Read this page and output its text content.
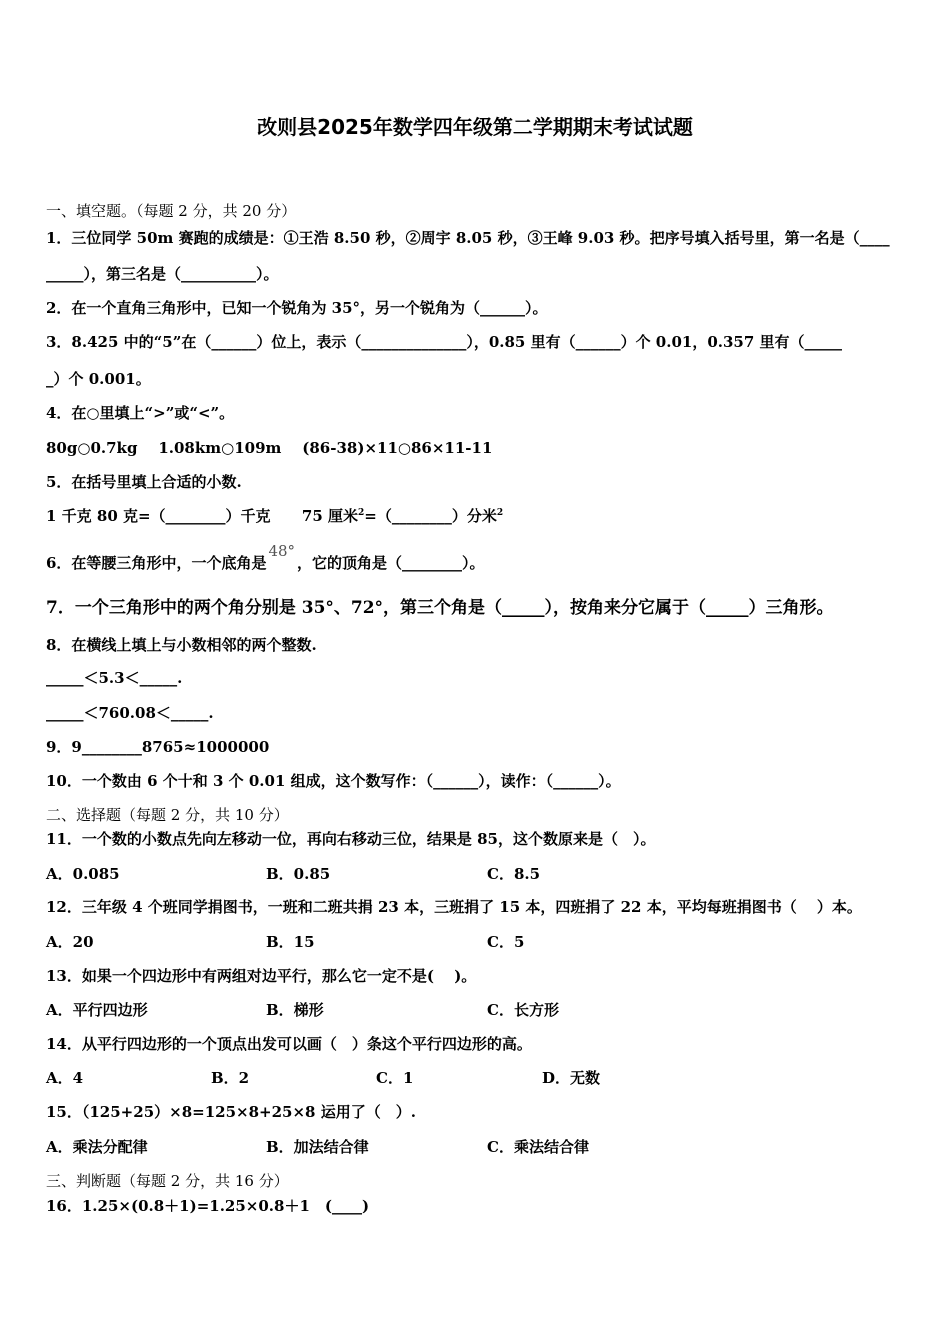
改则县2025年数学四年级第二学期期末考试试题
一、填空题。（每题 2 分，共 20 分）
1．三位同学 50m 赛跑的成绩是：①王浩 8.50 秒，②周宇 8.05 秒，③王峰 9.03 秒。把序号填入括号里，第一名是（____
_____），第三名是（__________）。
2．在一个直角三角形中，已知一个锐角为 35°，另一个锐角为（______）。
3．8.425 中的“5”在（______）位上，表示（______________），0.85 里有（______）个 0.01，0.357 里有（_____
_）个 0.001。
4．在○里填上“>”或“<”。
80g○0.7kg    1.08km○109m    (86-38)×11○86×11-11
5．在括号里填上合适的小数.
1 千克 80 克=（________）千克      75 厘米$^2$=（________）分米$^2$
6．在等腰三角形中，一个底角是48°，它的顶角是（________）。
7．一个三角形中的两个角分别是 35°、72°，第三个角是（_____），按角来分它属于（_____）三角形。
8．在横线上填上与小数相邻的两个整数.
_____＜5.3＜_____.
_____＜760.08＜_____.
9．9________8765≈1000000
10．一个数由 6 个十和 3 个 0.01 组成，这个数写作：（______），读作：（______）。
二、选择题（每题 2 分，共 10 分）
11．一个数的小数点先向左移动一位，再向右移动三位，结果是 85，这个数原来是（　）。
A．0.085	B．0.85	C．8.5
12．三年级 4 个班同学捐图书，一班和二班共捐 23 本，三班捐了 15 本，四班捐了 22 本，平均每班捐图书（　 ）本。
A．20	B．15	C．5
13．如果一个四边形中有两组对边平行，那么它一定不是(　 )。
A．平行四边形	B．梯形	C．长方形
14．从平行四边形的一个顶点出发可以画（　）条这个平行四边形的高。
A．4	B．2	C．1	D．无数
15．（125+25）×8=125×8+25×8 运用了（　）.
A．乘法分配律	B．加法结合律	C．乘法结合律
三、判断题（每题 2 分，共 16 分）
16．1.25×(0.8＋1)=1.25×0.8＋1　(____)
